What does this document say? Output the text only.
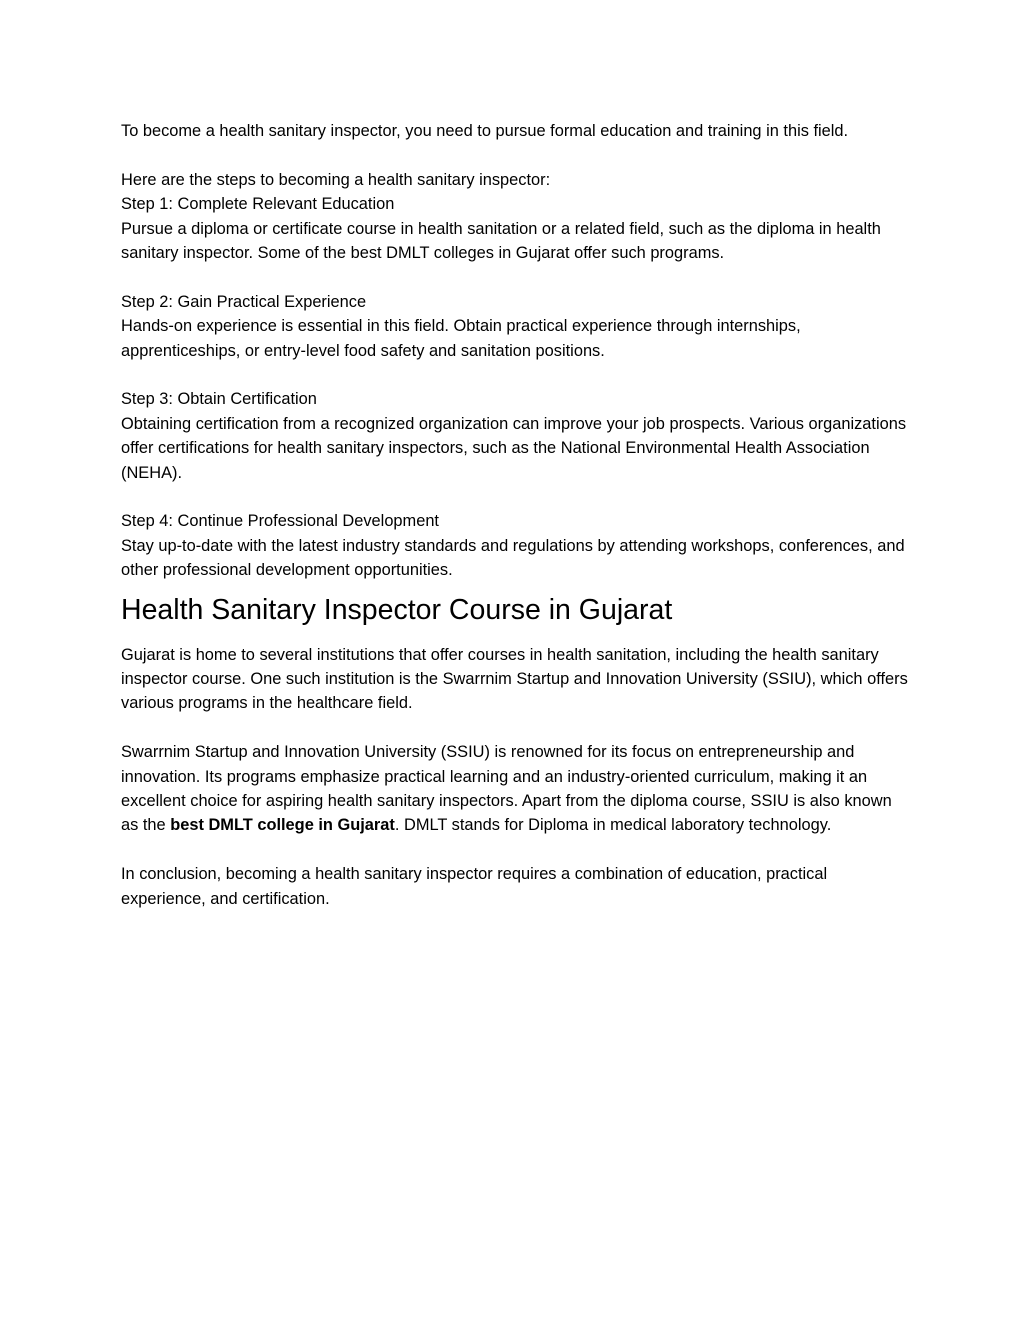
To become a health sanitary inspector, you need to pursue formal education and training in this field.

Here are the steps to becoming a health sanitary inspector:

Step 1: Complete Relevant Education

Pursue a diploma or certificate course in health sanitation or a related field, such as the diploma in health sanitary inspector. Some of the best DMLT colleges in Gujarat offer such programs.

Step 2: Gain Practical Experience

Hands-on experience is essential in this field. Obtain practical experience through internships, apprenticeships, or entry-level food safety and sanitation positions.

Step 3: Obtain Certification

Obtaining certification from a recognized organization can improve your job prospects. Various organizations offer certifications for health sanitary inspectors, such as the National Environmental Health Association (NEHA).

Step 4: Continue Professional Development

Stay up-to-date with the latest industry standards and regulations by attending workshops, conferences, and other professional development opportunities.

Health Sanitary Inspector Course in Gujarat

Gujarat is home to several institutions that offer courses in health sanitation, including the health sanitary inspector course. One such institution is the Swarrnim Startup and Innovation University (SSIU), which offers various programs in the healthcare field.

Swarrnim Startup and Innovation University (SSIU) is renowned for its focus on entrepreneurship and innovation. Its programs emphasize practical learning and an industry-oriented curriculum, making it an excellent choice for aspiring health sanitary inspectors. Apart from the diploma course, SSIU is also known as the best DMLT college in Gujarat. DMLT stands for Diploma in medical laboratory technology.

In conclusion, becoming a health sanitary inspector requires a combination of education, practical experience, and certification.
